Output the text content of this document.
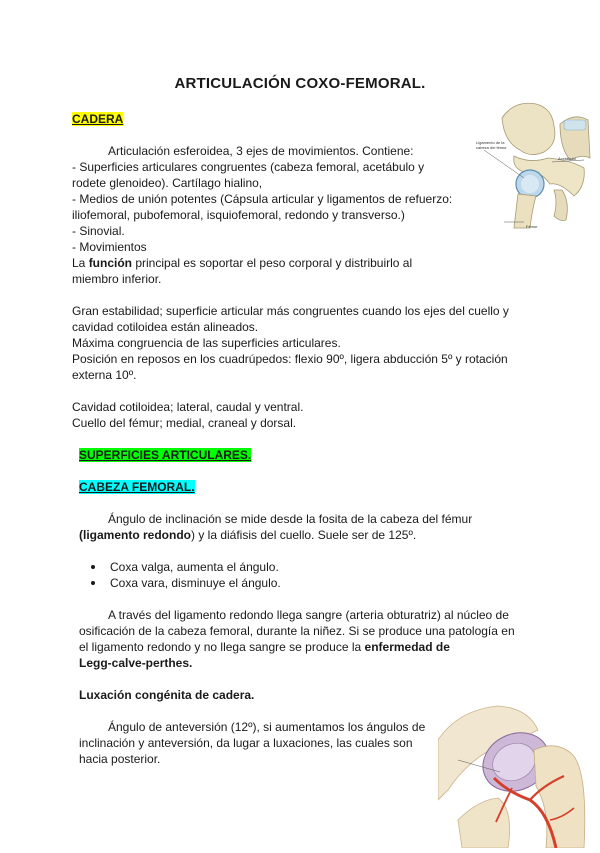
ARTICULACIÓN COXO-FEMORAL.
CADERA
Articulación esferoidea, 3 ejes de movimientos. Contiene:
- Superficies articulares congruentes (cabeza femoral, acetábulo y
rodete glenoideo). Cartílago hialino,
- Medios de unión potentes (Cápsula articular y ligamentos de refuerzo:
iliofemoral, pubofemoral, isquiofemoral, redondo y transverso.)
- Sinovial.
- Movimientos
La función principal es soportar el peso corporal y distribuirlo al
miembro inferior.
Gran estabilidad; superficie articular más congruentes cuando los ejes del cuello y
cavidad cotiloidea están alineados.
Máxima congruencia de las superficies articulares.
Posición en reposos en los cuadrúpedos: flexio 90º, ligera abducción 5º y rotación
externa 10º.
Cavidad cotiloidea; lateral, caudal y ventral.
Cuello del fémur; medial, craneal y dorsal.
Ligamento de la
cabeza del fémur
Acetábulo
Fémur
SUPERFICIES ARTICULARES.
CABEZA FEMORAL.
Ángulo de inclinación se mide desde la fosita de la cabeza del fémur
(ligamento redondo) y la diáfisis del cuello. Suele ser de 125º.
Coxa valga, aumenta el ángulo.
Coxa vara, disminuye el ángulo.
A través del ligamento redondo llega sangre (arteria obturatriz) al núcleo de
osificación de la cabeza femoral, durante la niñez. Si se produce una patología en
el ligamento redondo y no llega sangre se produce la enfermedad de
Legg-calve-perthes.
Luxación congénita de cadera.
Ángulo de anteversión (12º), si aumentamos los ángulos de
inclinación y anteversión, da lugar a luxaciones, las cuales son
hacia posterior.
